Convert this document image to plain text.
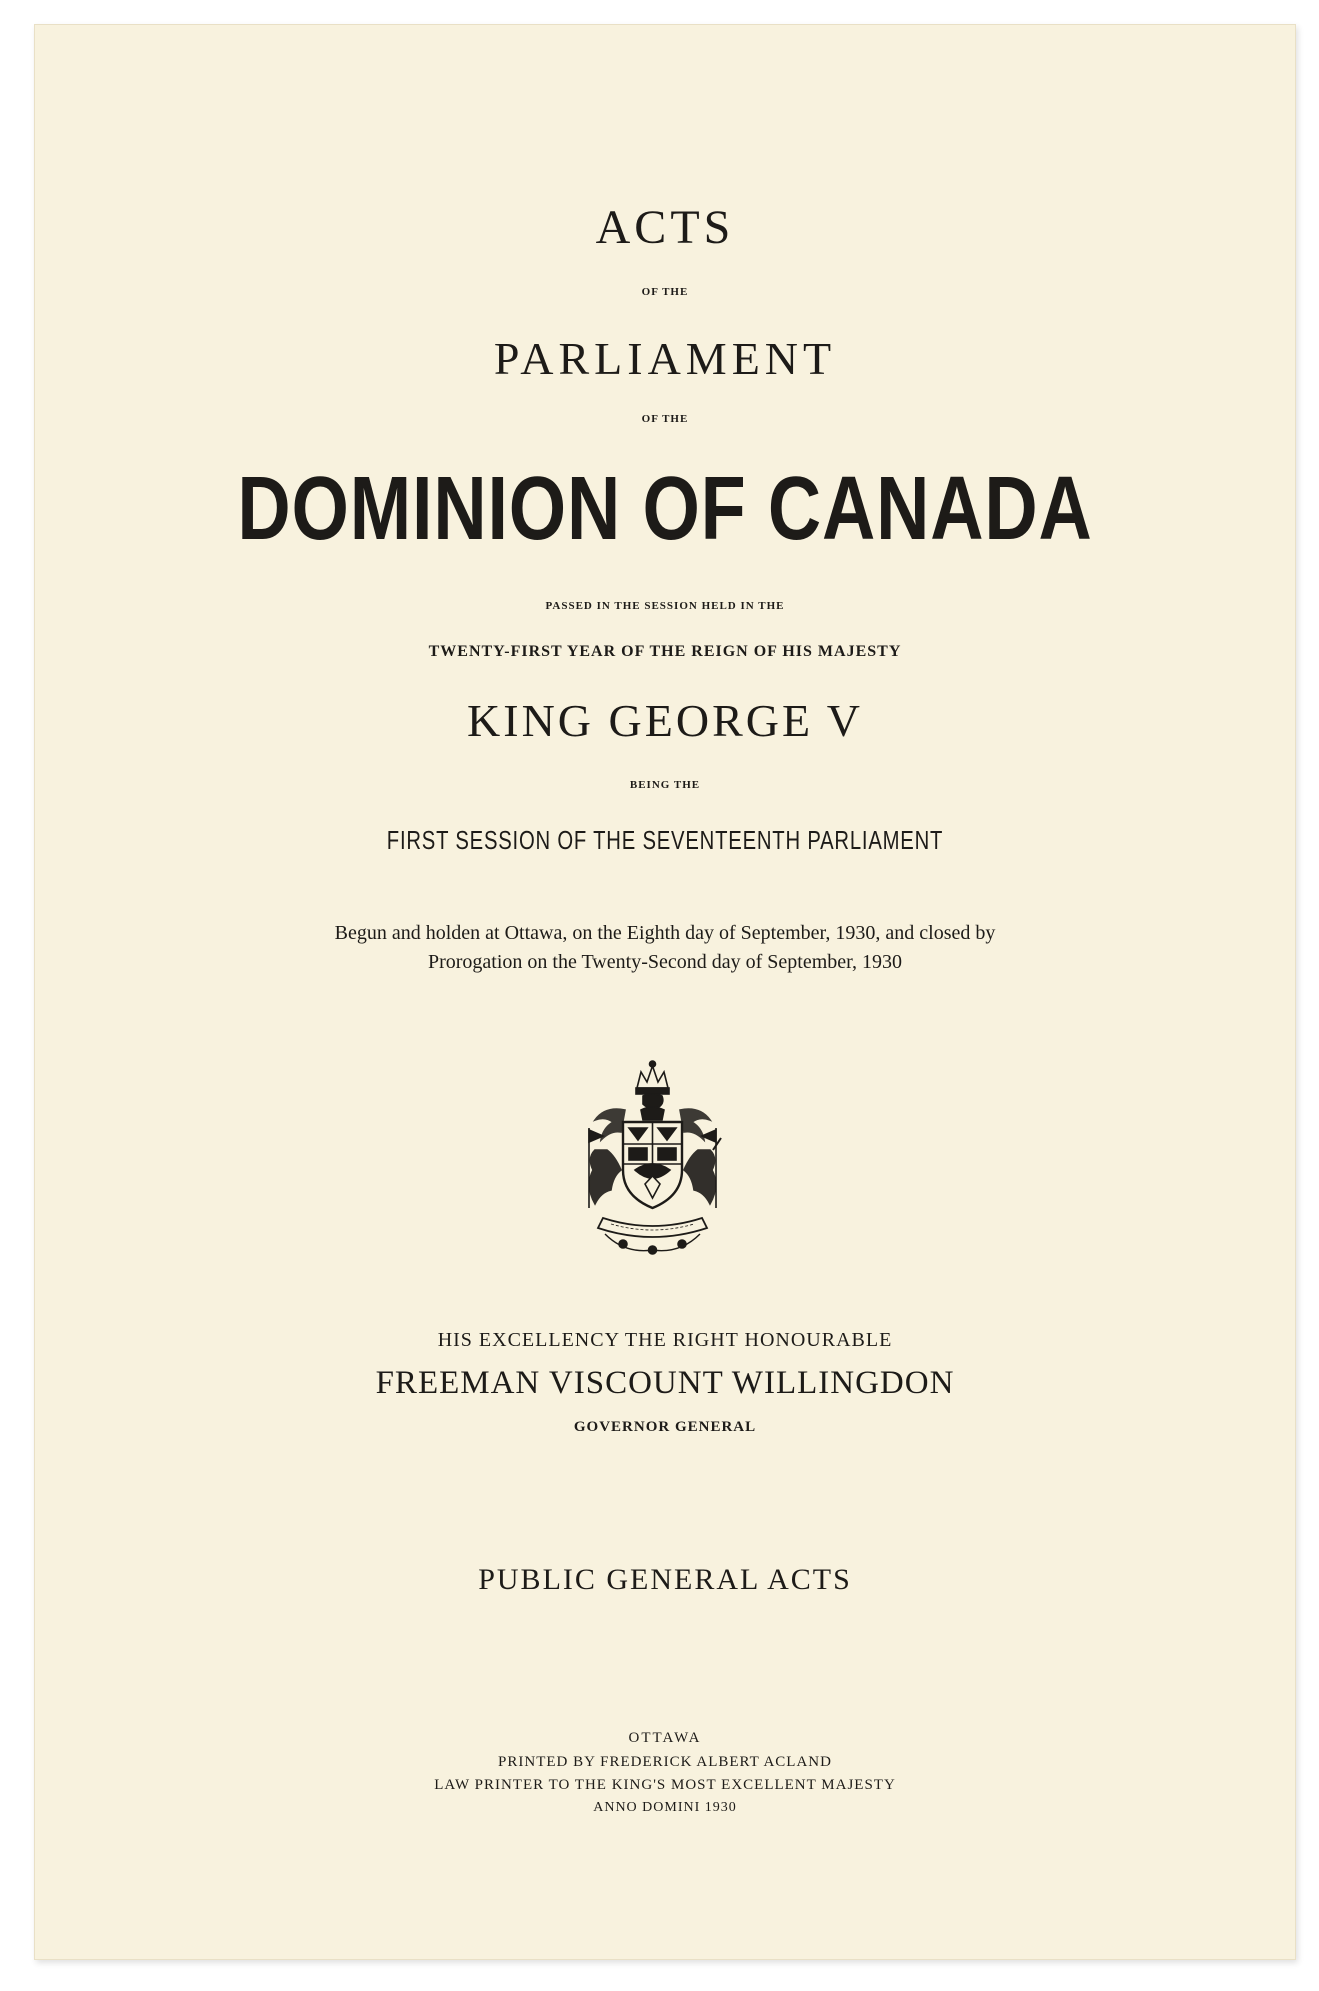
ACTS
OF THE
PARLIAMENT
OF THE
DOMINION OF CANADA
PASSED IN THE SESSION HELD IN THE
TWENTY-FIRST YEAR OF THE REIGN OF HIS MAJESTY
KING GEORGE V
BEING THE
FIRST SESSION OF THE SEVENTEENTH PARLIAMENT
Begun and holden at Ottawa, on the Eighth day of September, 1930, and closed by
Prorogation on the Twenty-Second day of September, 1930
HIS EXCELLENCY THE RIGHT HONOURABLE
FREEMAN VISCOUNT WILLINGDON
GOVERNOR GENERAL
PUBLIC GENERAL ACTS
OTTAWA
PRINTED BY FREDERICK ALBERT ACLAND
LAW PRINTER TO THE KING'S MOST EXCELLENT MAJESTY
ANNO DOMINI 1930
